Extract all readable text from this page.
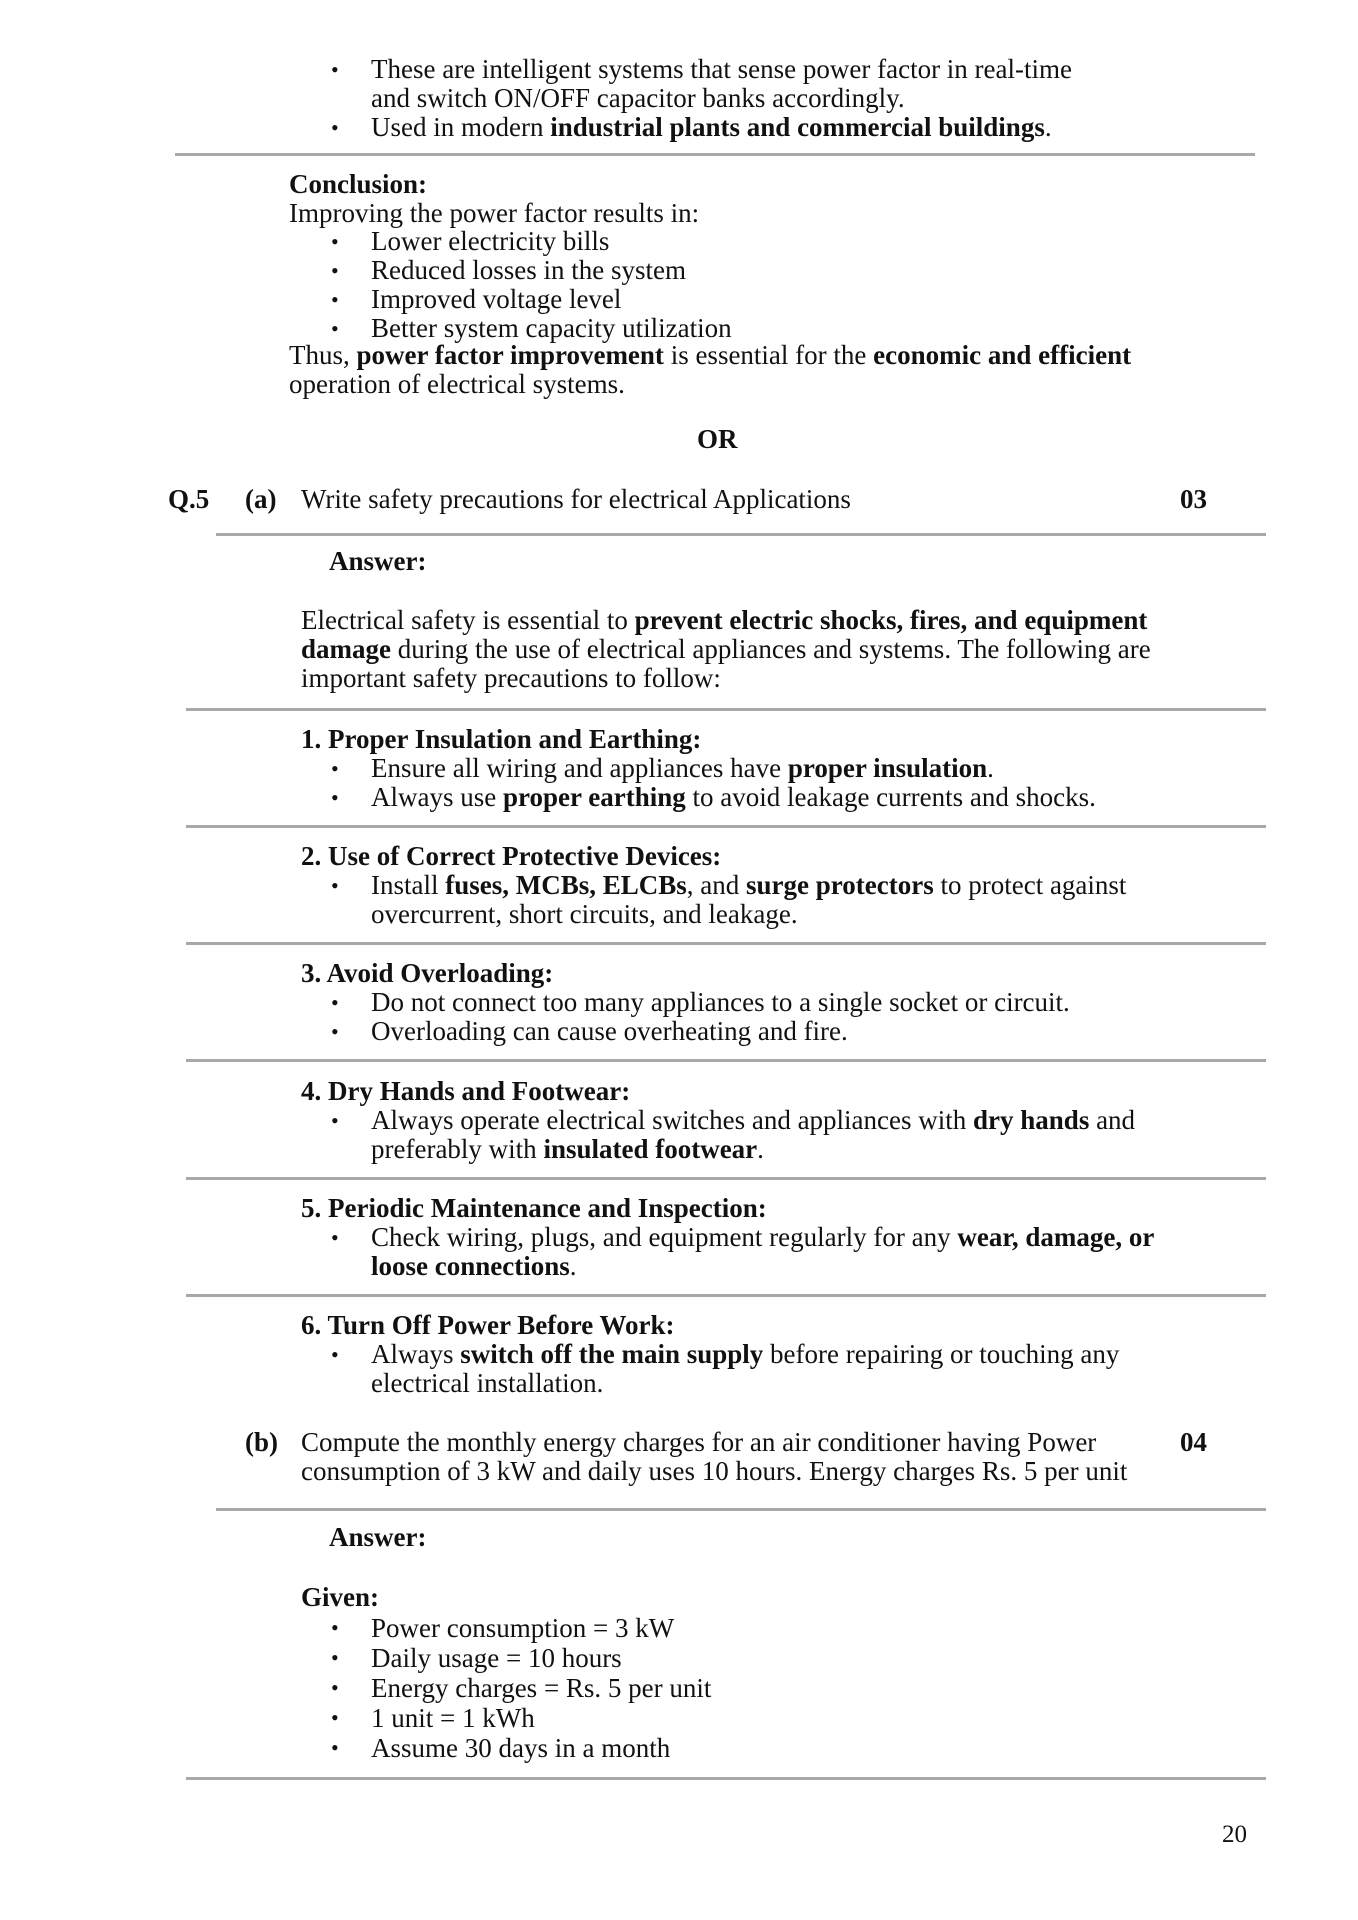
• These are intelligent systems that sense power factor in real-time and switch ON/OFF capacitor banks accordingly.
• Used in modern industrial plants and commercial buildings.
Conclusion:
Improving the power factor results in:
• Lower electricity bills
• Reduced losses in the system
• Improved voltage level
• Better system capacity utilization
Thus, power factor improvement is essential for the economic and efficient operation of electrical systems.
OR
Q.5 (a) Write safety precautions for electrical Applications	03
Answer:
Electrical safety is essential to prevent electric shocks, fires, and equipment damage during the use of electrical appliances and systems. The following are important safety precautions to follow:
1. Proper Insulation and Earthing:
• Ensure all wiring and appliances have proper insulation.
• Always use proper earthing to avoid leakage currents and shocks.
2. Use of Correct Protective Devices:
• Install fuses, MCBs, ELCBs, and surge protectors to protect against overcurrent, short circuits, and leakage.
3. Avoid Overloading:
• Do not connect too many appliances to a single socket or circuit.
• Overloading can cause overheating and fire.
4. Dry Hands and Footwear:
• Always operate electrical switches and appliances with dry hands and preferably with insulated footwear.
5. Periodic Maintenance and Inspection:
• Check wiring, plugs, and equipment regularly for any wear, damage, or loose connections.
6. Turn Off Power Before Work:
• Always switch off the main supply before repairing or touching any electrical installation.
(b) Compute the monthly energy charges for an air conditioner having Power consumption of 3 kW and daily uses 10 hours. Energy charges Rs. 5 per unit
04
Answer:
Given:
• Power consumption = 3 kW
• Daily usage = 10 hours
• Energy charges = Rs. 5 per unit
• 1 unit = 1 kWh
• Assume 30 days in a month
20
